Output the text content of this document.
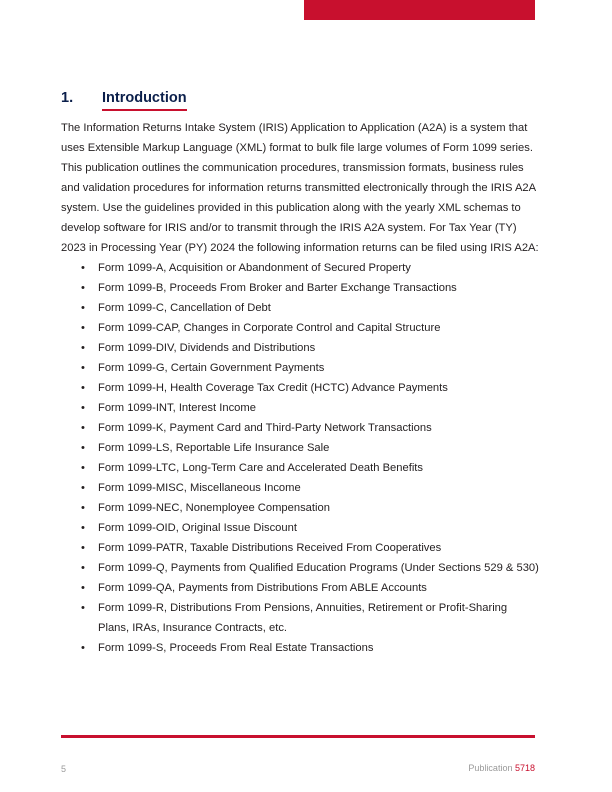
1. Introduction

The Information Returns Intake System (IRIS) Application to Application (A2A) is a system that uses Extensible Markup Language (XML) format to bulk file large volumes of Form 1099 series.

This publication outlines the communication procedures, transmission formats, business rules and validation procedures for information returns transmitted electronically through the IRIS A2A system. Use the guidelines provided in this publication along with the yearly XML schemas to develop software for IRIS and/or to transmit through the IRIS A2A system. For Tax Year (TY) 2023 in Processing Year (PY) 2024 the following information returns can be filed using IRIS A2A:

• Form 1099-A, Acquisition or Abandonment of Secured Property
• Form 1099-B, Proceeds From Broker and Barter Exchange Transactions
• Form 1099-C, Cancellation of Debt
• Form 1099-CAP, Changes in Corporate Control and Capital Structure
• Form 1099-DIV, Dividends and Distributions
• Form 1099-G, Certain Government Payments
• Form 1099-H, Health Coverage Tax Credit (HCTC) Advance Payments
• Form 1099-INT, Interest Income
• Form 1099-K, Payment Card and Third-Party Network Transactions
• Form 1099-LS, Reportable Life Insurance Sale
• Form 1099-LTC, Long-Term Care and Accelerated Death Benefits
• Form 1099-MISC, Miscellaneous Income
• Form 1099-NEC, Nonemployee Compensation
• Form 1099-OID, Original Issue Discount
• Form 1099-PATR, Taxable Distributions Received From Cooperatives
• Form 1099-Q, Payments from Qualified Education Programs (Under Sections 529 & 530)
• Form 1099-QA, Payments from Distributions From ABLE Accounts
• Form 1099-R, Distributions From Pensions, Annuities, Retirement or Profit-Sharing Plans, IRAs, Insurance Contracts, etc.
• Form 1099-S, Proceeds From Real Estate Transactions
5	Publication 5718
